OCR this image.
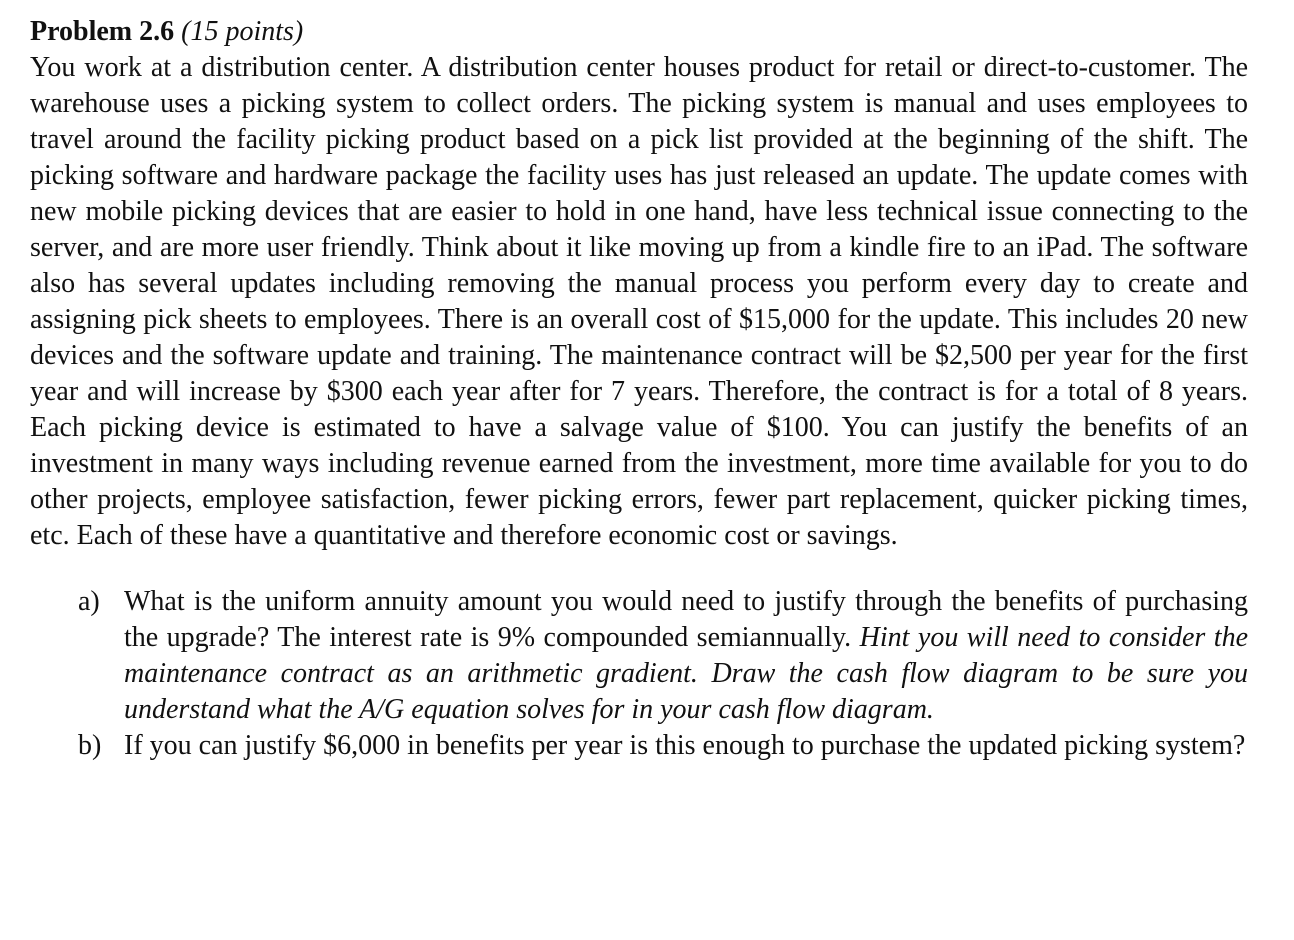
Problem 2.6 (15 points)

You work at a distribution center. A distribution center houses product for retail or direct-to-customer. The warehouse uses a picking system to collect orders. The picking system is manual and uses employees to travel around the facility picking product based on a pick list provided at the beginning of the shift. The picking software and hardware package the facility uses has just released an update. The update comes with new mobile picking devices that are easier to hold in one hand, have less technical issue connecting to the server, and are more user friendly. Think about it like moving up from a kindle fire to an iPad. The software also has several updates including removing the manual process you perform every day to create and assigning pick sheets to employees. There is an overall cost of $15,000 for the update. This includes 20 new devices and the software update and training. The maintenance contract will be $2,500 per year for the first year and will increase by $300 each year after for 7 years. Therefore, the contract is for a total of 8 years. Each picking device is estimated to have a salvage value of $100. You can justify the benefits of an investment in many ways including revenue earned from the investment, more time available for you to do other projects, employee satisfaction, fewer picking errors, fewer part replacement, quicker picking times, etc. Each of these have a quantitative and therefore economic cost or savings.

a) What is the uniform annuity amount you would need to justify through the benefits of purchasing the upgrade? The interest rate is 9% compounded semiannually. Hint you will need to consider the maintenance contract as an arithmetic gradient. Draw the cash flow diagram to be sure you understand what the A/G equation solves for in your cash flow diagram.
b) If you can justify $6,000 in benefits per year is this enough to purchase the updated picking system?
